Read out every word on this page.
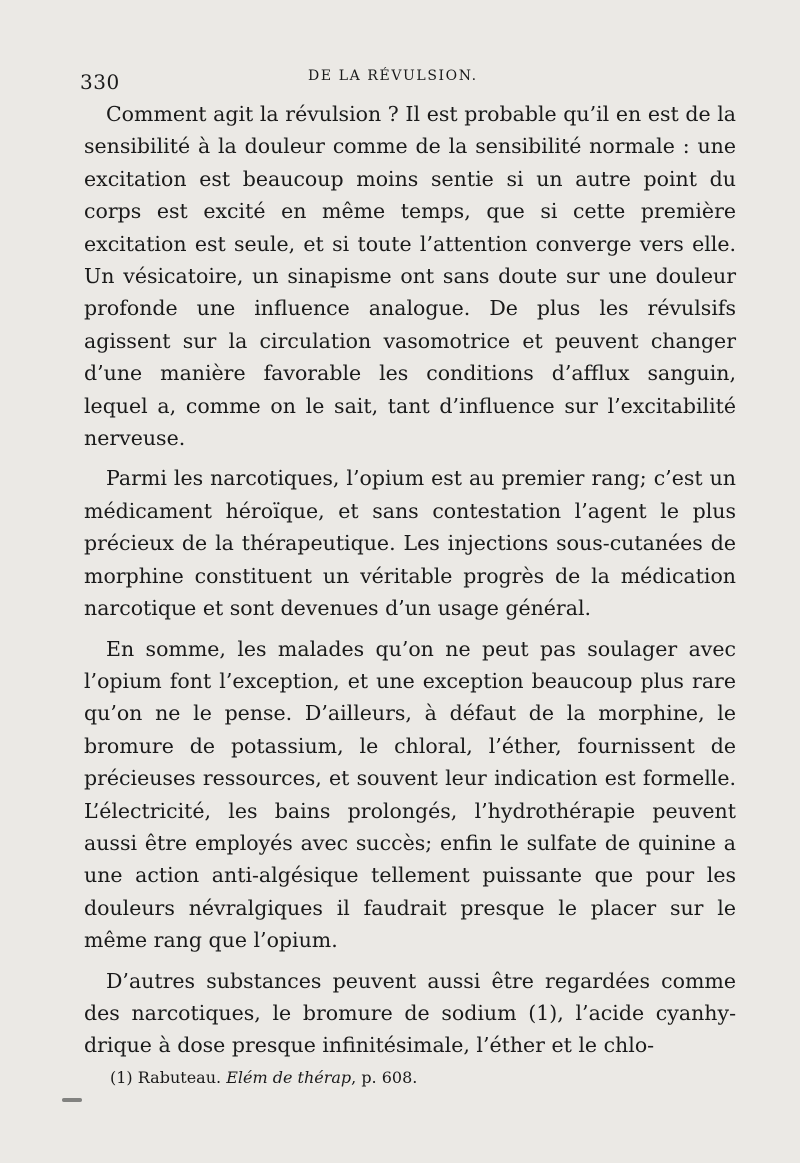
330	DE LA RÉVULSION.

Comment agit la révulsion ? Il est probable qu’il en est de la sensibilité à la douleur comme de la sensibilité normale : une excitation est beaucoup moins sentie si un autre point du corps est excité en même temps, que si cette première excitation est seule, et si toute l’attention converge vers elle. Un vésicatoire, un sinapisme ont sans doute sur une douleur profonde une influence analogue. De plus les révulsifs agissent sur la circulation vasomotrice et peuvent changer d’une manière favorable les conditions d’afflux sanguin, lequel a, comme on le sait, tant d’influence sur l’excitabilité nerveuse.

Parmi les narcotiques, l’opium est au premier rang; c’est un médicament héroïque, et sans contestation l’agent le plus précieux de la thérapeutique. Les injections sous-cutanées de morphine constituent un véritable progrès de la médication narcotique et sont devenues d’un usage général.

En somme, les malades qu’on ne peut pas soulager avec l’opium font l’exception, et une exception beaucoup plus rare qu’on ne le pense. D’ailleurs, à défaut de la morphine, le bromure de potassium, le chloral, l’éther, fournissent de précieuses ressources, et souvent leur indication est formelle. L’électricité, les bains prolongés, l’hydrothérapie peuvent aussi être employés avec succès; enfin le sulfate de quinine a une action anti-algésique tellement puissante que pour les douleurs névralgiques il faudrait presque le placer sur le même rang que l’opium.

D’autres substances peuvent aussi être regardées comme des narcotiques, le bromure de sodium (1), l’acide cyanhydrique à dose presque infinitésimale, l’éther et le chlo-

(1) Rabuteau. Elém de thérap, p. 608.
